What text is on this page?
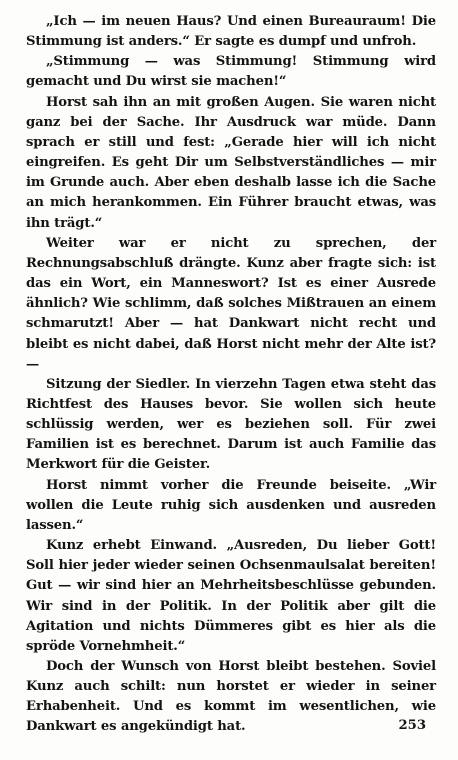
„Ich — im neuen Haus? Und einen Bureauraum! Die Stimmung ist anders.“ Er sagte es dumpf und unfroh.

„Stimmung — was Stimmung! Stimmung wird gemacht und Du wirst sie machen!“

Horst sah ihn an mit großen Augen. Sie waren nicht ganz bei der Sache. Ihr Ausdruck war müde. Dann sprach er still und fest: „Gerade hier will ich nicht eingreifen. Es geht Dir um Selbstverständliches — mir im Grunde auch. Aber eben deshalb lasse ich die Sache an mich herankommen. Ein Führer braucht etwas, was ihn trägt.“

Weiter war er nicht zu sprechen, der Rechnungsabschluß drängte. Kunz aber fragte sich: ist das ein Wort, ein Manneswort? Ist es einer Ausrede ähnlich? Wie schlimm, daß solches Mißtrauen an einem schmarutzt! Aber — hat Dankwart nicht recht und bleibt es nicht dabei, daß Horst nicht mehr der Alte ist? —

Sitzung der Siedler. In vierzehn Tagen etwa steht das Richtfest des Hauses bevor. Sie wollen sich heute schlüssig werden, wer es beziehen soll. Für zwei Familien ist es berechnet. Darum ist auch Familie das Merkwort für die Geister.

Horst nimmt vorher die Freunde beiseite. „Wir wollen die Leute ruhig sich ausdenken und ausreden lassen.“

Kunz erhebt Einwand. „Ausreden, Du lieber Gott! Soll hier jeder wieder seinen Ochsenmaulsalat bereiten! Gut — wir sind hier an Mehrheitsbeschlüsse gebunden. Wir sind in der Politik. In der Politik aber gilt die Agitation und nichts Dümmeres gibt es hier als die spröde Vornehmheit.“

Doch der Wunsch von Horst bleibt bestehen. Soviel Kunz auch schilt: nun horstet er wieder in seiner Erhabenheit. Und es kommt im wesentlichen, wie Dankwart es angekündigt hat.	253
